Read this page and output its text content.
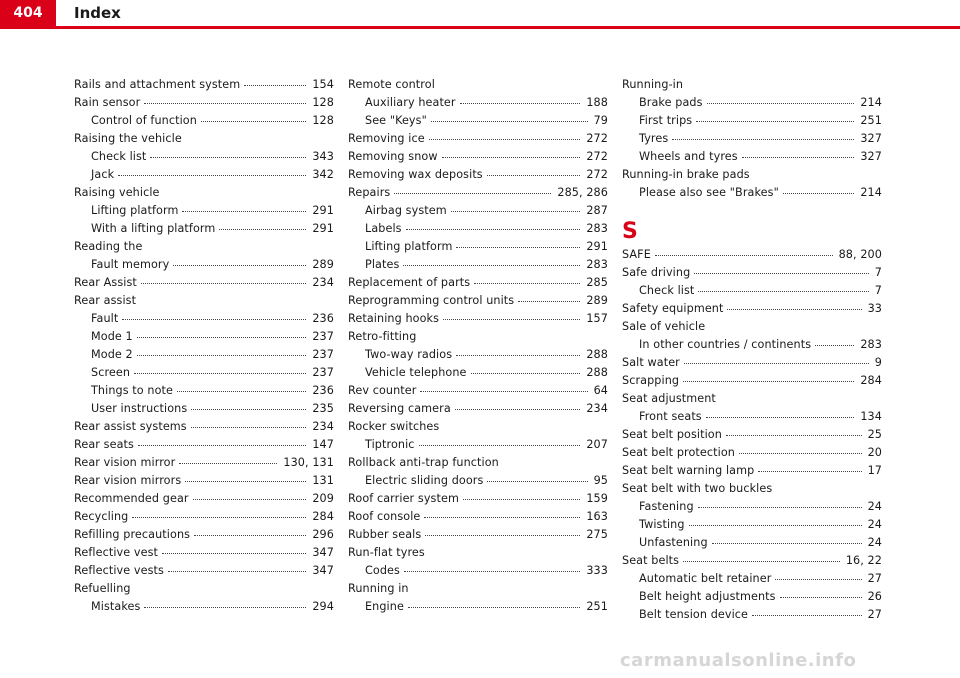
404	Index
Rails and attachment system	154
Rain sensor	128
Control of function	128
Raising the vehicle
Check list	343
Jack	342
Raising vehicle
Lifting platform	291
With a lifting platform	291
Reading the
Fault memory	289
Rear Assist	234
Rear assist
Fault	236
Mode 1	237
Mode 2	237
Screen	237
Things to note	236
User instructions	235
Rear assist systems	234
Rear seats	147
Rear vision mirror	130, 131
Rear vision mirrors	131
Recommended gear	209
Recycling	284
Refilling precautions	296
Reflective vest	347
Reflective vests	347
Refuelling
Mistakes	294
Remote control
Auxiliary heater	188
See "Keys"	79
Removing ice	272
Removing snow	272
Removing wax deposits	272
Repairs	285, 286
Airbag system	287
Labels	283
Lifting platform	291
Plates	283
Replacement of parts	285
Reprogramming control units	289
Retaining hooks	157
Retro-fitting
Two-way radios	288
Vehicle telephone	288
Rev counter	64
Reversing camera	234
Rocker switches
Tiptronic	207
Rollback anti-trap function
Electric sliding doors	95
Roof carrier system	159
Roof console	163
Rubber seals	275
Run-flat tyres
Codes	333
Running in
Engine	251
Running-in
Brake pads	214
First trips	251
Tyres	327
Wheels and tyres	327
Running-in brake pads
Please also see "Brakes"	214
S
SAFE	88, 200
Safe driving	7
Check list	7
Safety equipment	33
Sale of vehicle
In other countries / continents	283
Salt water	9
Scrapping	284
Seat adjustment
Front seats	134
Seat belt position	25
Seat belt protection	20
Seat belt warning lamp	17
Seat belt with two buckles
Fastening	24
Twisting	24
Unfastening	24
Seat belts	16, 22
Automatic belt retainer	27
Belt height adjustments	26
Belt tension device	27
carmanualsonline.info
